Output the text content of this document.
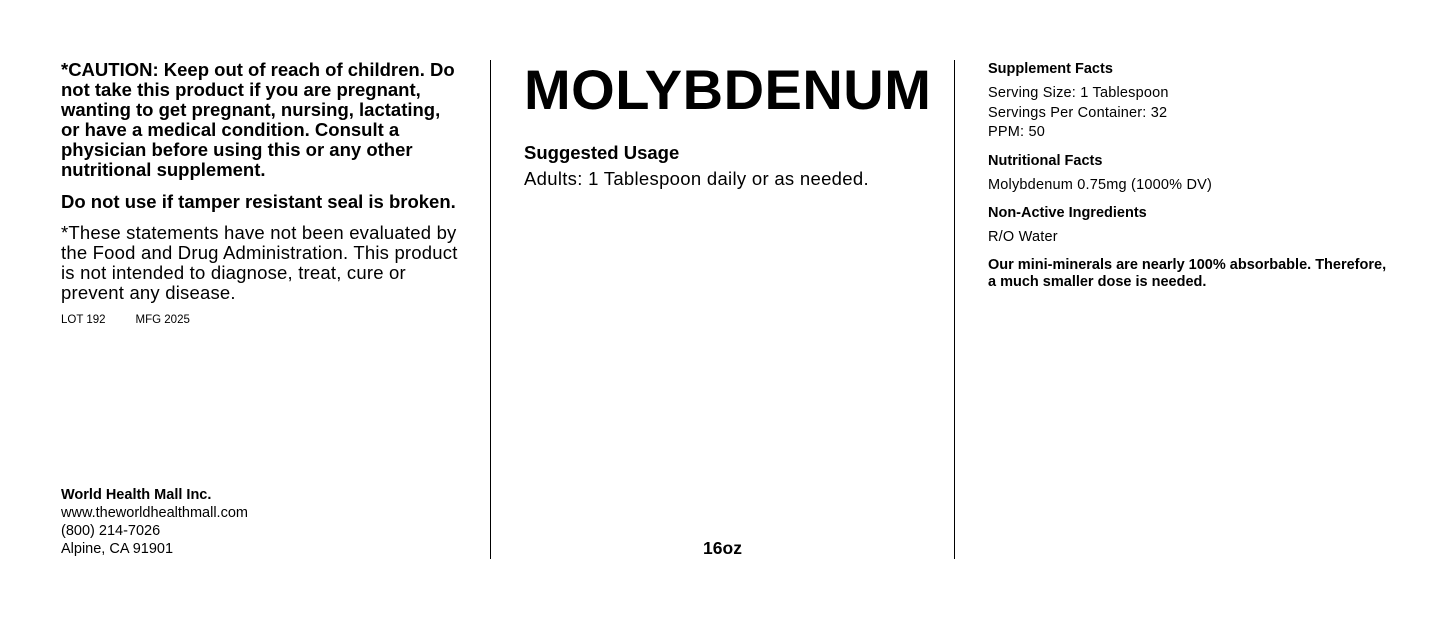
*CAUTION: Keep out of reach of children. Do not take this product if you are pregnant, wanting to get pregnant, nursing, lactating, or have a medical condition. Consult a physician before using this or any other nutritional supplement.

Do not use if tamper resistant seal is broken.

*These statements have not been evaluated by the Food and Drug Administration. This product is not intended to diagnose, treat, cure or prevent any disease.

LOT 192	MFG 2025
World Health Mall Inc.
www.theworldhealthmall.com
(800) 214-7026
Alpine, CA 91901
MOLYBDENUM
Suggested Usage
Adults: 1 Tablespoon daily or as needed.
16oz
Supplement Facts
Serving Size: 1 Tablespoon
Servings Per Container: 32
PPM: 50
Nutritional Facts
Molybdenum 0.75mg (1000% DV)
Non-Active Ingredients
R/O Water
Our mini-minerals are nearly 100% absorbable. Therefore, a much smaller dose is needed.
